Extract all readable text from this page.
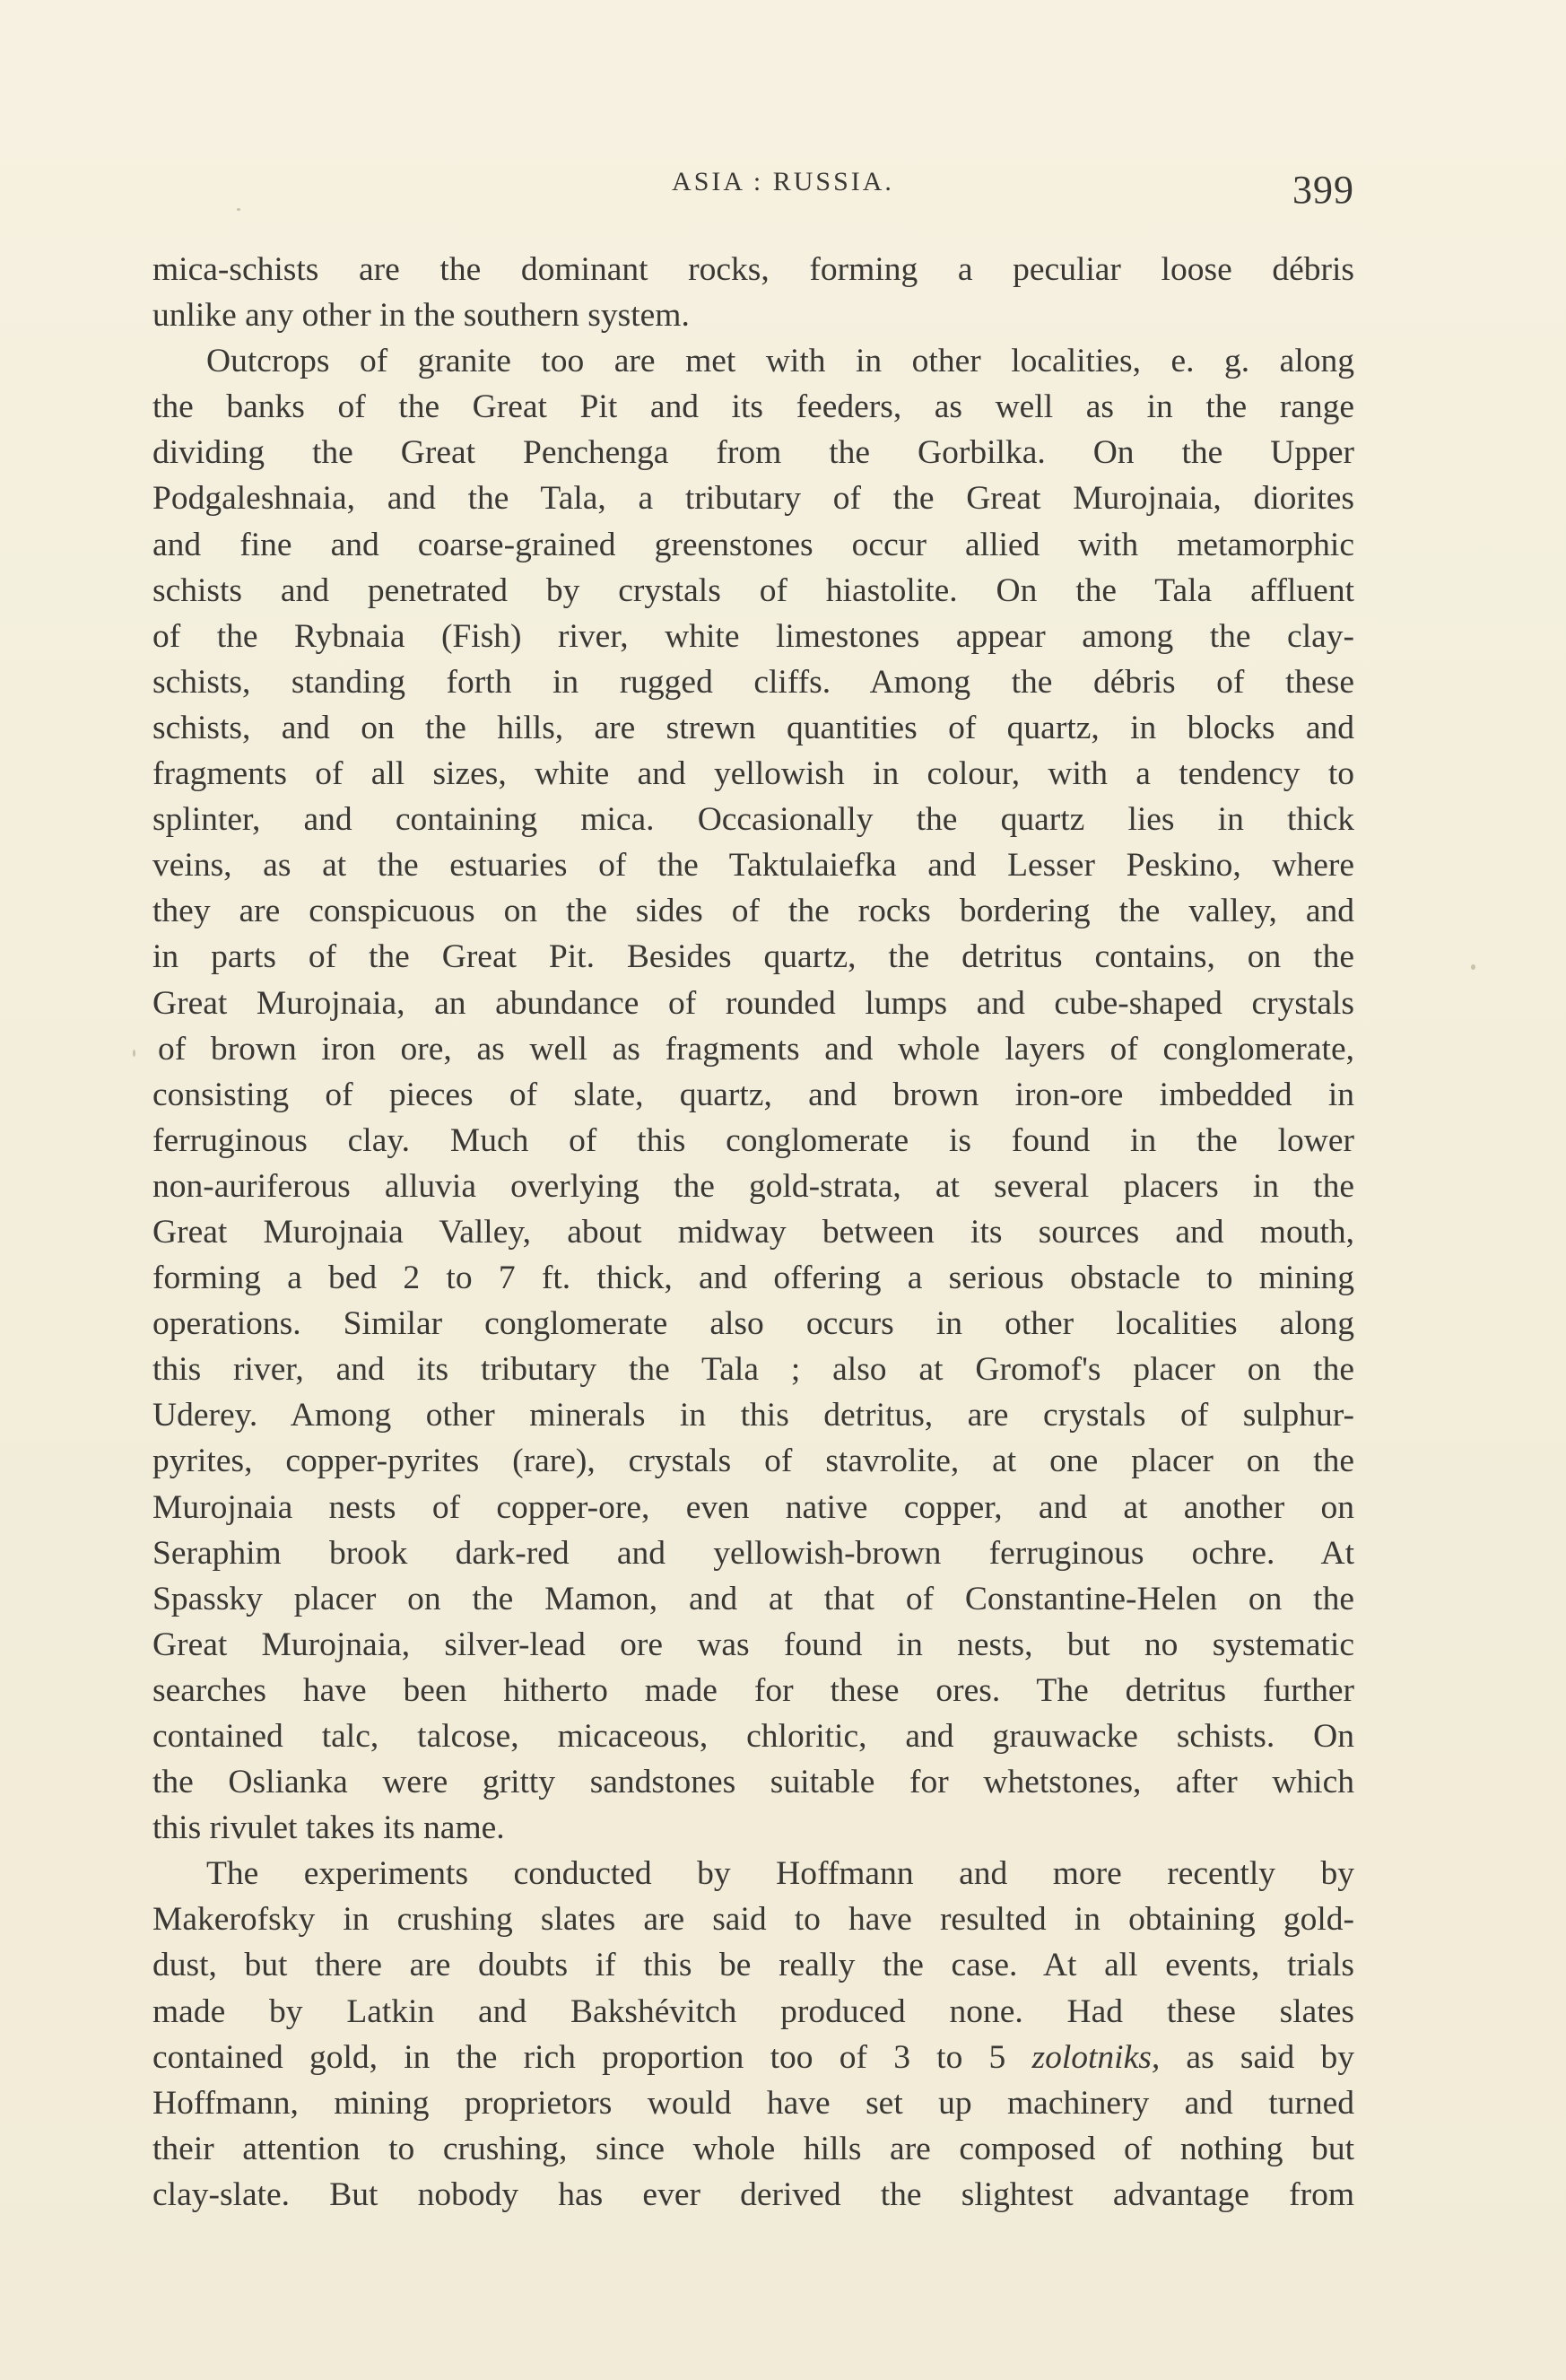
ASIA : RUSSIA.	399
mica-schists are the dominant rocks, forming a peculiar loose débris
unlike any other in the southern system.
Outcrops of granite too are met with in other localities, e. g. along
the banks of the Great Pit and its feeders, as well as in the range
dividing the Great Penchenga from the Gorbilka. On the Upper
Podgaleshnaia, and the Tala, a tributary of the Great Murojnaia, diorites
and fine and coarse-grained greenstones occur allied with metamorphic
schists and penetrated by crystals of hiastolite. On the Tala affluent
of the Rybnaia (Fish) river, white limestones appear among the clay-
schists, standing forth in rugged cliffs. Among the débris of these
schists, and on the hills, are strewn quantities of quartz, in blocks and
fragments of all sizes, white and yellowish in colour, with a tendency to
splinter, and containing mica. Occasionally the quartz lies in thick
veins, as at the estuaries of the Taktulaiefka and Lesser Peskino, where
they are conspicuous on the sides of the rocks bordering the valley, and
in parts of the Great Pit. Besides quartz, the detritus contains, on the
Great Murojnaia, an abundance of rounded lumps and cube-shaped crystals
of brown iron ore, as well as fragments and whole layers of conglomerate,
consisting of pieces of slate, quartz, and brown iron-ore imbedded in
ferruginous clay. Much of this conglomerate is found in the lower
non-auriferous alluvia overlying the gold-strata, at several placers in the
Great Murojnaia Valley, about midway between its sources and mouth,
forming a bed 2 to 7 ft. thick, and offering a serious obstacle to mining
operations. Similar conglomerate also occurs in other localities along
this river, and its tributary the Tala ; also at Gromof's placer on the
Uderey. Among other minerals in this detritus, are crystals of sulphur-
pyrites, copper-pyrites (rare), crystals of stavrolite, at one placer on the
Murojnaia nests of copper-ore, even native copper, and at another on
Seraphim brook dark-red and yellowish-brown ferruginous ochre. At
Spassky placer on the Mamon, and at that of Constantine-Helen on the
Great Murojnaia, silver-lead ore was found in nests, but no systematic
searches have been hitherto made for these ores. The detritus further
contained talc, talcose, micaceous, chloritic, and grauwacke schists. On
the Oslianka were gritty sandstones suitable for whetstones, after which
this rivulet takes its name.
The experiments conducted by Hoffmann and more recently by
Makerofsky in crushing slates are said to have resulted in obtaining gold-
dust, but there are doubts if this be really the case. At all events, trials
made by Latkin and Bakshévitch produced none. Had these slates
contained gold, in the rich proportion too of 3 to 5 zolotniks, as said by
Hoffmann, mining proprietors would have set up machinery and turned
their attention to crushing, since whole hills are composed of nothing but
clay-slate. But nobody has ever derived the slightest advantage from
